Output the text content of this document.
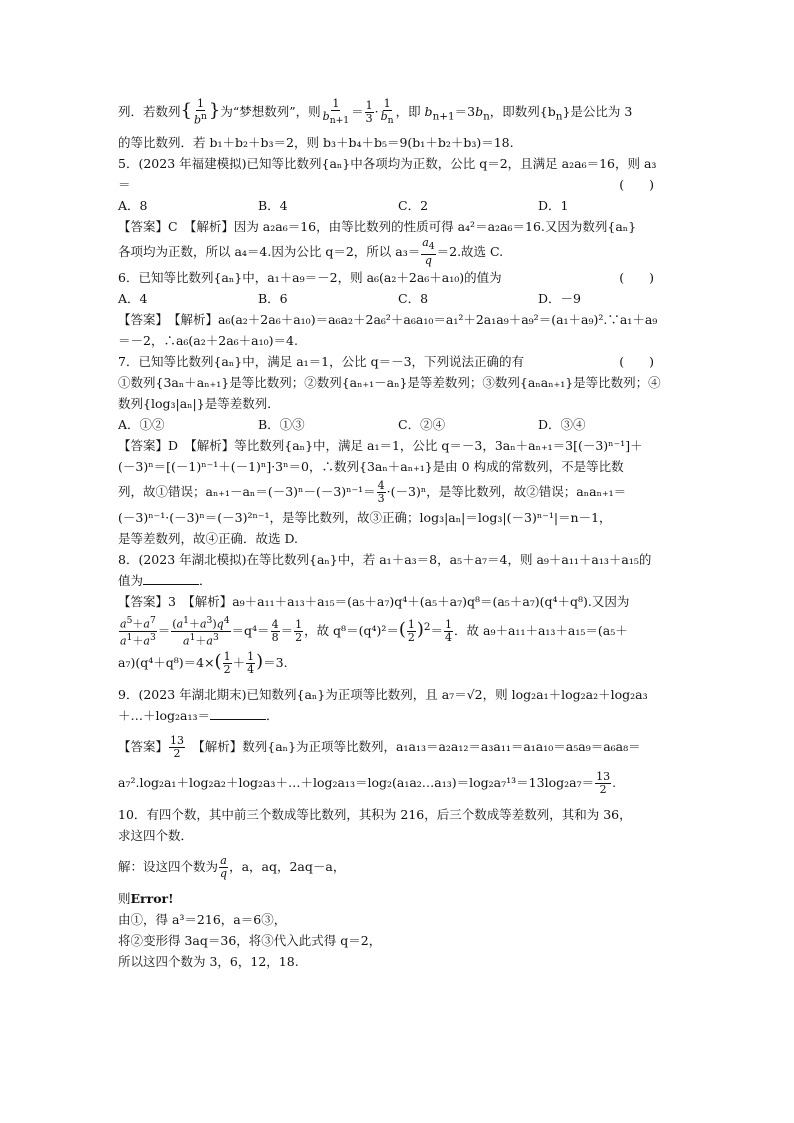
列．若数列{ $\frac{1}{b^n}$ }为“梦想数列”，则 $\frac{1}{b_{n+1}} = \frac{1}{3} \cdot \frac{1}{b_n}$ ，即 $b_{n+1}=3b_n$，即数列$\{b_n\}$是公比为 3
的等比数列．若 b₁＋b₂＋b₃＝2，则 b₃＋b₄＋b₅＝9(b₁＋b₂＋b₃)＝18.
5．(2023 年福建模拟)已知等比数列{aₙ}中各项均为正数，公比 q＝2，且满足 a₂a₆＝16，则 a₃
＝	(　　)
A．8	B．4	C．2	D．1
【答案】C　【解析】因为 a₂a₆＝16，由等比数列的性质可得 a₄²＝a₂a₆＝16.又因为数列{aₙ}
各项均为正数，所以 a₄＝4.因为公比 q＝2，所以 $a_3= \frac{a_4}{q} =2$.故选 C.
6．已知等比数列{aₙ}中，a₁＋a₉＝－2，则 a₆(a₂＋2a₆＋a₁₀)的值为	(　　)
A．4	B．6	C．8	D．－9
【答案】　【解析】a₆(a₂＋2a₆＋a₁₀)＝a₆a₂＋2a₆²＋a₆a₁₀＝a₁²＋2a₁a₉＋a₉²＝(a₁＋a₉)².∵a₁＋a₉
＝－2，∴a₆(a₂＋2a₆＋a₁₀)＝4.
7．已知等比数列{aₙ}中，满足 a₁＝1，公比 q＝－3，下列说法正确的有	(　　)
①数列{3aₙ＋aₙ₊₁}是等比数列；②数列{aₙ₊₁－aₙ}是等差数列；③数列{aₙaₙ₊₁}是等比数列；④
数列{log₃|aₙ|}是等差数列．
A．①②	B．①③	C．②④	D．③④
【答案】D　【解析】等比数列{aₙ}中，满足 a₁＝1，公比 q＝－3，3aₙ＋aₙ₊₁＝3[(－3)ⁿ⁻¹]＋
(－3)ⁿ＝[(－1)ⁿ⁻¹＋(－1)ⁿ]·3ⁿ＝0，∴数列{3aₙ＋aₙ₊₁}是由 0 构成的常数列，不是等比数
列，故①错误；$a_{n+1}-a_n=(-3)^n-(-3)^{n-1}= \frac{4}{3} \cdot(-3)^n$，是等比数列，故②错误；aₙaₙ₊₁＝
(－3)ⁿ⁻¹·(－3)ⁿ＝(－3)²ⁿ⁻¹，是等比数列，故③正确；log₃|aₙ|＝log₃|(－3)ⁿ⁻¹|＝n－1，
是等差数列，故④正确．故选 D.
8．(2023 年湖北模拟)在等比数列{aₙ}中，若 a₁＋a₃＝8，a₅＋a₇＝4，则 a₉＋a₁₁＋a₁₃＋a₁₅的
值为	．
【答案】3　【解析】a₉＋a₁₁＋a₁₃＋a₁₅＝(a₅＋a₇)q⁴＋(a₅＋a₇)q⁸＝(a₅＋a₇)(q⁴＋q⁸).又因为
$\frac{a^5+a^7}{a^1+a^3} = \frac{(a^1+a^3)q^4}{a^1+a^3} =q^4= \frac{4}{8} = \frac{1}{2}$ ，故 $q^8=(q^4)^2=( \frac{1}{2} )^2= \frac{1}{4}$ ．故 a₉＋a₁₁＋a₁₃＋a₁₅＝(a₅＋
$a_7)(q^4+q^8)=4\times( \frac{1}{2} + \frac{1}{4} )=3$.
9．(2023 年湖北期末)已知数列{aₙ}为正项等比数列，且 a₇＝√2，则 log₂a₁＋log₂a₂＋log₂a₃
＋…＋log₂a₁₃＝	．
【答案】 $\frac{13}{2}$ 　【解析】数列{aₙ}为正项等比数列，a₁a₁₃＝a₂a₁₂＝a₃a₁₁＝a₁a₁₀＝a₅a₉＝a₆a₈＝
a₇².log₂a₁＋log₂a₂＋log₂a₃＋…＋log₂a₁₃＝log₂(a₁a₂…a₁₃)＝log₂a₇¹³＝13log₂a₇＝ $\frac{13}{2}$ .
10．有四个数，其中前三个数成等比数列，其积为 216，后三个数成等差数列，其和为 36，
求这四个数．
解：设这四个数为 $\frac{a}{q}$ ，a，aq，2aq－a，
则Error!
由①，得 a³＝216，a＝6③，
将②变形得 3aq＝36，将③代入此式得 q＝2，
所以这四个数为 3，6，12，18.
